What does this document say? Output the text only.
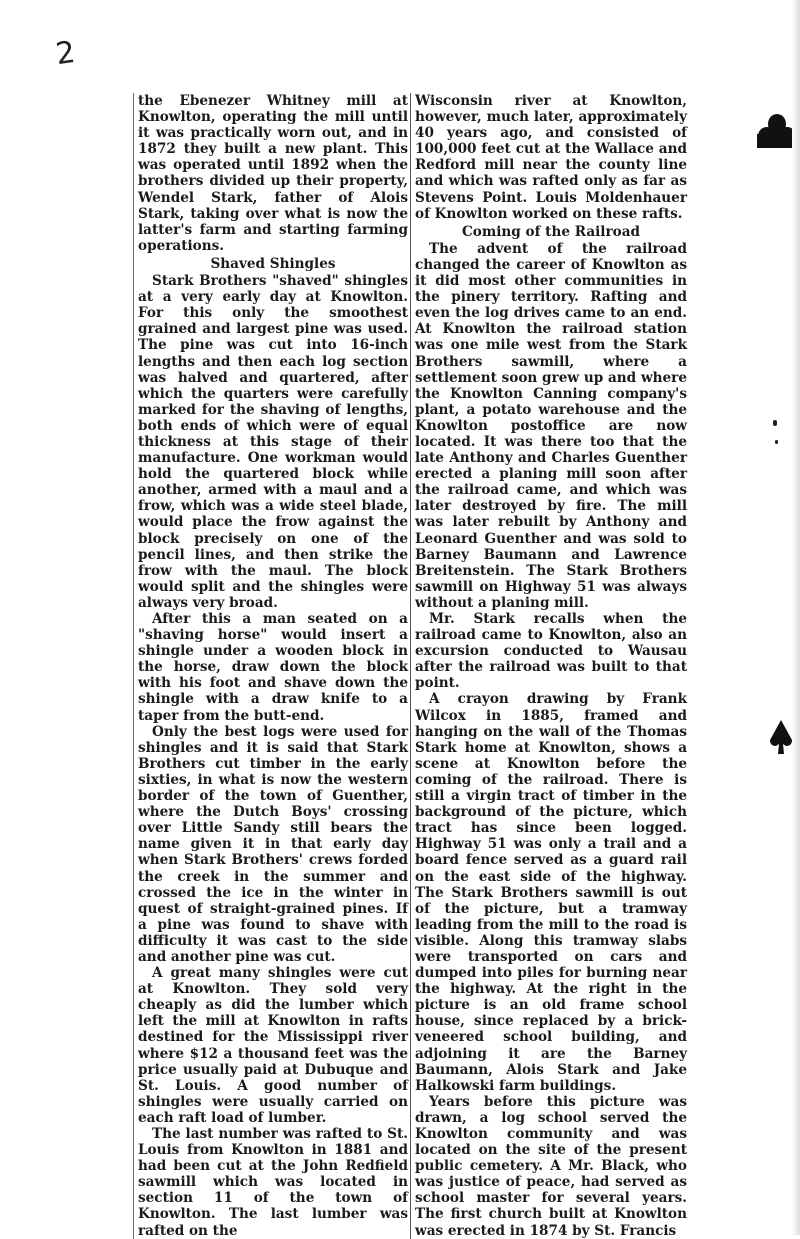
2

the Ebenezer Whitney mill at Knowlton, operating the mill until it was practically worn out, and in 1872 they built a new plant. This was operated until 1892 when the brothers divided up their property, Wendel Stark, father of Alois Stark, taking over what is now the latter's farm and starting farming operations.

Shaved Shingles

Stark Brothers "shaved" shingles at a very early day at Knowlton. For this only the smoothest grained and largest pine was used. The pine was cut into 16-inch lengths and then each log section was halved and quartered, after which the quarters were carefully marked for the shaving of lengths, both ends of which were of equal thickness at this stage of their manufacture. One workman would hold the quartered block while another, armed with a maul and a frow, which was a wide steel blade, would place the frow against the block precisely on one of the pencil lines, and then strike the frow with the maul. The block would split and the shingles were always very broad.

After this a man seated on a "shaving horse" would insert a shingle under a wooden block in the horse, draw down the block with his foot and shave down the shingle with a draw knife to a taper from the butt-end.

Only the best logs were used for shingles and it is said that Stark Brothers cut timber in the early sixties, in what is now the western border of the town of Guenther, where the Dutch Boys' crossing over Little Sandy still bears the name given it in that early day when Stark Brothers' crews forded the creek in the summer and crossed the ice in the winter in quest of straight-grained pines. If a pine was found to shave with difficulty it was cast to the side and another pine was cut.

A great many shingles were cut at Knowlton. They sold very cheaply as did the lumber which left the mill at Knowlton in rafts destined for the Mississippi river where $12 a thousand feet was the price usually paid at Dubuque and St. Louis. A good number of shingles were usually carried on each raft load of lumber.

The last number was rafted to St. Louis from Knowlton in 1881 and had been cut at the John Redfield sawmill which was located in section 11 of the town of Knowlton. The last lumber was rafted on the

Wisconsin river at Knowlton, however, much later, approximately 40 years ago, and consisted of 100,000 feet cut at the Wallace and Redford mill near the county line and which was rafted only as far as Stevens Point. Louis Moldenhauer of Knowlton worked on these rafts.

Coming of the Railroad

The advent of the railroad changed the career of Knowlton as it did most other communities in the pinery territory. Rafting and even the log drives came to an end. At Knowlton the railroad station was one mile west from the Stark Brothers sawmill, where a settlement soon grew up and where the Knowlton Canning company's plant, a potato warehouse and the Knowlton postoffice are now located. It was there too that the late Anthony and Charles Guenther erected a planing mill soon after the railroad came, and which was later destroyed by fire. The mill was later rebuilt by Anthony and Leonard Guenther and was sold to Barney Baumann and Lawrence Breitenstein. The Stark Brothers sawmill on Highway 51 was always without a planing mill.

Mr. Stark recalls when the railroad came to Knowlton, also an excursion conducted to Wausau after the railroad was built to that point.

A crayon drawing by Frank Wilcox in 1885, framed and hanging on the wall of the Thomas Stark home at Knowlton, shows a scene at Knowlton before the coming of the railroad. There is still a virgin tract of timber in the background of the picture, which tract has since been logged. Highway 51 was only a trail and a board fence served as a guard rail on the east side of the highway. The Stark Brothers sawmill is out of the picture, but a tramway leading from the mill to the road is visible. Along this tramway slabs were transported on cars and dumped into piles for burning near the highway. At the right in the picture is an old frame school house, since replaced by a brick-veneered school building, and adjoining it are the Barney Baumann, Alois Stark and Jake Halkowski farm buildings.

Years before this picture was drawn, a log school served the Knowlton community and was located on the site of the present public cemetery. A Mr. Black, who was justice of peace, had served as school master for several years. The first church built at Knowlton was erected in 1874 by St. Francis
